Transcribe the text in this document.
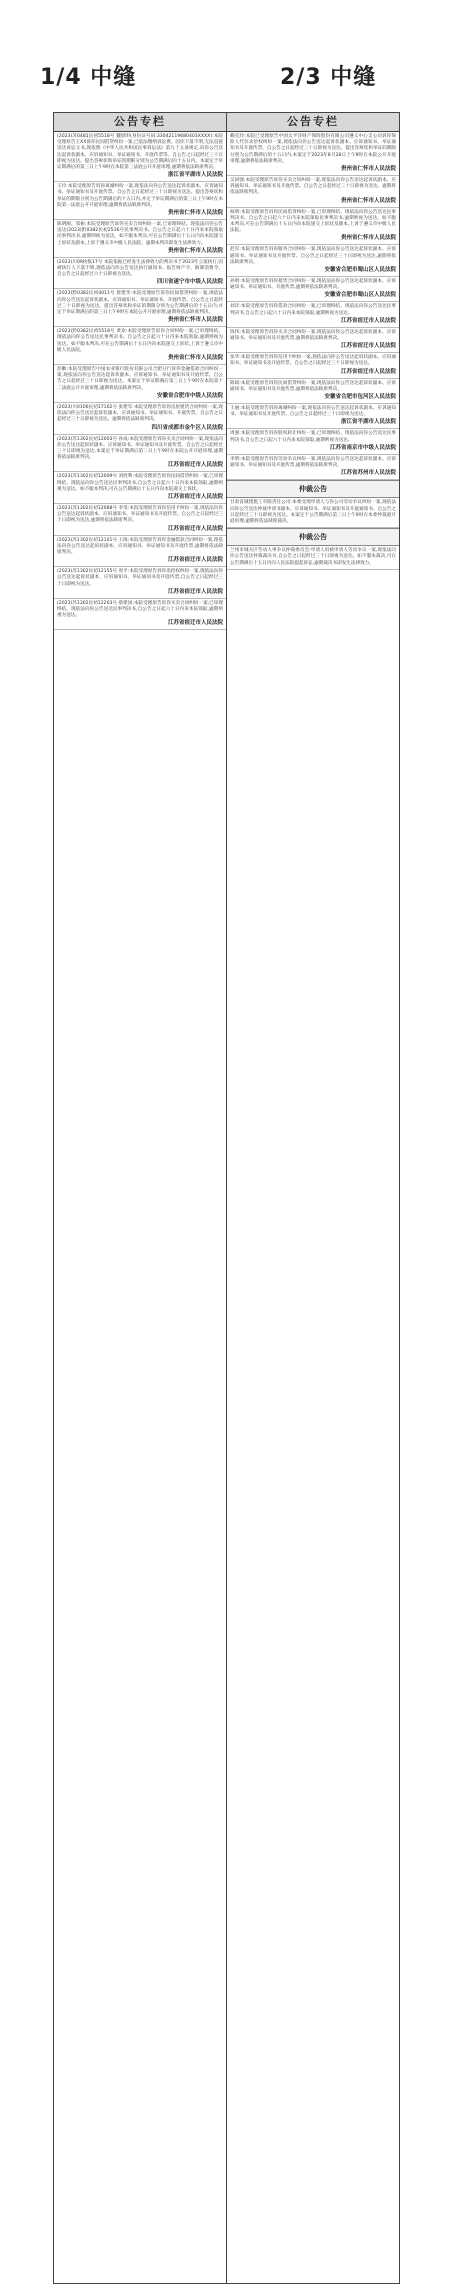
1/4 中缝	2/3 中缝
公告专栏
(2023)苏0481民初5518号 魏原明(身份证号码:33042119680403XXXX):本院受理原告王XX诉你民间借贷纠纷一案,已依法缴纳诉讼费。因你下落不明,无法直接送达诉讼文书,现依照《中华人民共和国民事诉讼法》第九十五条规定,向你公告送达起诉状副本、应诉通知书、举证通知书、开庭传票等。自公告之日起经过三十日即视为送达。提出答辩状和举证的期限分别为公告期满后的十五日内。本案定于举证期满后的第三日上午9时在本院第三法庭公开开庭审理,逾期将依法缺席判决。
浙江省平湖市人民法院
王玲:本院受理原告诉你离婚纠纷一案,现依法向你公告送达起诉状副本、应诉通知书、举证通知书及开庭传票。自公告之日起经过三十日即视为送达。提出答辩状和举证的期限分别为公告期满后的十五日内,并定于举证期满后的第三日上午9时在本院第一法庭公开开庭审理,逾期将依法缺席判决。
贵州省仁怀市人民法院
陈明刚、邹振:本院受理原告诉你买卖合同纠纷一案,已审理终结。现依法向你公告送达(2023)黔0382民初2516号民事判决书。自公告之日起六十日内来本院领取民事判决书,逾期则视为送达。如不服本判决,可在公告期满后十五日内向本院递交上诉状及副本,上诉于遵义市中级人民法院。逾期本判决即发生法律效力。
贵州省仁怀市人民法院
(2023)川09执恢17号 本院依据已经发生法律效力的判决书于2023年立案执行,因被执行人下落不明,现依法向你公告送达执行通知书、报告财产令、限制消费令。自公告之日起经过六十日即视为送达。
四川省遂宁市中级人民法院
(2023)黔0382民初4011号 唐建华:本院受理原告诉你民间借贷纠纷一案,现依法向你公告送达起诉状副本、应诉通知书、举证通知书、开庭传票。自公告之日起经过三十日即视为送达。提出答辩状和举证的期限分别为公告期满后的十五日内,并定于举证期满后的第三日上午9时在本院公开开庭审理,逾期将依法缺席判决。
贵州省仁怀市人民法院
(2023)黔0382民初5518号 黄欢:本院受理原告诉你合同纠纷一案,已审理终结。现依法向你公告送达民事判决书。自公告之日起六十日内来本院领取,逾期则视为送达。如不服本判决,可在公告期满后十五日内向本院递交上诉状,上诉于遵义市中级人民法院。
贵州省仁怀市人民法院
彭勤:本院受理原告中国农业银行股份有限公司合肥分行诉你金融借款合同纠纷一案,现依法向你公告送达起诉状副本、应诉通知书、举证通知书及开庭传票。自公告之日起经过三十日即视为送达。本案定于举证期满后第三日上午9时在本院第十二法庭公开开庭审理,逾期将依法缺席判决。
安徽省合肥市中级人民法院
(2023)川0106民初17102号 张建军:本院受理原告诉你房屋租赁合同纠纷一案,现依法向你公告送达起诉状副本、应诉通知书、举证通知书、开庭传票。自公告之日起经过三十日即视为送达。逾期将依法缺席判决。
四川省成都市金牛区人民法院
(2023)苏1302民初12003号 孙成:本院受理原告诉你买卖合同纠纷一案,现依法向你公告送达起诉状副本、应诉通知书、举证通知书及开庭传票。自公告之日起经过三十日即视为送达,本案定于举证期满后第三日上午9时在本院公开开庭审理,逾期将依法缺席判决。
江苏省宿迁市人民法院
(2023)苏1302民初12009号 刘胜利:本院受理原告诉你民间借贷纠纷一案,已审理终结。现依法向你公告送达民事判决书,自公告之日起六十日内来本院领取,逾期则视为送达。如不服本判决,可在公告期满后十五日内向本院递交上诉状。
江苏省宿迁市人民法院
(2023)苏1302民初12088号 李雯:本院受理原告诉你信用卡纠纷一案,现依法向你公告送达起诉状副本、应诉通知书、举证通知书及开庭传票。自公告之日起经过三十日即视为送达,逾期将依法缺席判决。
江苏省宿迁市人民法院
(2023)苏1302民初12101号 王海:本院受理原告诉你金融借款合同纠纷一案,现依法向你公告送达起诉状副本、应诉通知书、举证通知书及开庭传票,逾期将依法缺席判决。
江苏省宿迁市人民法院
(2023)苏1302民初12155号 周平:本院受理原告诉你追偿权纠纷一案,现依法向你公告送达起诉状副本、应诉通知书、举证通知书及开庭传票,自公告之日起经过三十日即视为送达。
江苏省宿迁市人民法院
(2023)苏1302民初12203号 蔡建国:本院受理原告诉你买卖合同纠纷一案,已审理终结。现依法向你公告送达民事判决书,自公告之日起六十日内来本院领取,逾期则视为送达。
江苏省宿迁市人民法院
公告专栏
赖克玲:本院已受理原告中国太平洋财产保险股份有限公司遵义中心支公司诉你保险人代位求偿权纠纷一案,现依法向你公告送达起诉状副本、应诉通知书、举证通知书及开庭传票。自公告之日起经过三十日即视为送达。提出答辩状和举证的期限分别为公告期满后的十五日内,本案定于2023年8月28日上午9时在本院公开开庭审理,逾期将依法缺席判决。
贵州省仁怀市人民法院
吴国强:本院受理原告诉你买卖合同纠纷一案,现依法向你公告送达起诉状副本、应诉通知书、举证通知书及开庭传票。自公告之日起经过三十日即视为送达。逾期将依法缺席判决。
贵州省仁怀市人民法院
杨明:本院受理原告诉你民间借贷纠纷一案,已审理终结。现依法向你公告送达民事判决书。自公告之日起六十日内来本院领取民事判决书,逾期则视为送达。如不服本判决,可在公告期满后十五日内向本院递交上诉状及副本,上诉于遵义市中级人民法院。
贵州省仁怀市人民法院
赵军:本院受理原告诉你服务合同纠纷一案,现依法向你公告送达起诉状副本、应诉通知书、举证通知书及开庭传票。自公告之日起经过三十日即视为送达,逾期将依法缺席判决。
安徽省合肥市蜀山区人民法院
孙明:本院受理原告诉你租赁合同纠纷一案,现依法向你公告送达起诉状副本、应诉通知书、举证通知书、开庭传票,逾期将依法缺席判决。
安徽省合肥市蜀山区人民法院
刘洋:本院受理原告诉你借款合同纠纷一案,已审理终结。现依法向你公告送达民事判决书,自公告之日起六十日内来本院领取,逾期则视为送达。
江苏省宿迁市人民法院
钱伟:本院受理原告诉你买卖合同纠纷一案,现依法向你公告送达起诉状副本、应诉通知书、举证通知书及开庭传票,逾期将依法缺席判决。
江苏省宿迁市人民法院
张华:本院受理原告诉你信用卡纠纷一案,现依法向你公告送达起诉状副本、应诉通知书、举证通知书及开庭传票。自公告之日起经过三十日即视为送达。
江苏省宿迁市人民法院
陈斌:本院受理原告诉你民间借贷纠纷一案,现依法向你公告送达起诉状副本、应诉通知书、举证通知书及开庭传票,逾期将依法缺席判决。
安徽省合肥市包河区人民法院
王丽:本院受理原告诉你离婚纠纷一案,现依法向你公告送达起诉状副本、应诉通知书、举证通知书及开庭传票。自公告之日起经过三十日即视为送达。
浙江省平湖市人民法院
周强:本院受理原告诉你股权转让纠纷一案,已审理终结。现依法向你公告送达民事判决书,自公告之日起六十日内来本院领取,逾期则视为送达。
江苏省南京市中级人民法院
李明:本院受理原告诉你劳动争议纠纷一案,现依法向你公告送达起诉状副本、应诉通知书、举证通知书及开庭传票,逾期将依法缺席判决。
江苏省苏州市人民法院
仲裁公告
甘肃省城建施工有限责任公司:本委受理申请人与你公司劳动争议纠纷一案,现依法向你公告送达仲裁申请书副本、应诉通知书、举证通知书及开庭通知书。自公告之日起经过三十日即视为送达。本案定于公告期满后第三日上午9时在本委仲裁庭开庭审理,逾期将依法缺席裁决。
仲裁公告
兰州市城关区劳动人事争议仲裁委员会:申请人诉被申请人劳动争议一案,现依法向你公告送达仲裁裁决书,自公告之日起经过三十日即视为送达。如不服本裁决,可在公告期满后十五日内向人民法院提起诉讼,逾期裁决书即发生法律效力。
